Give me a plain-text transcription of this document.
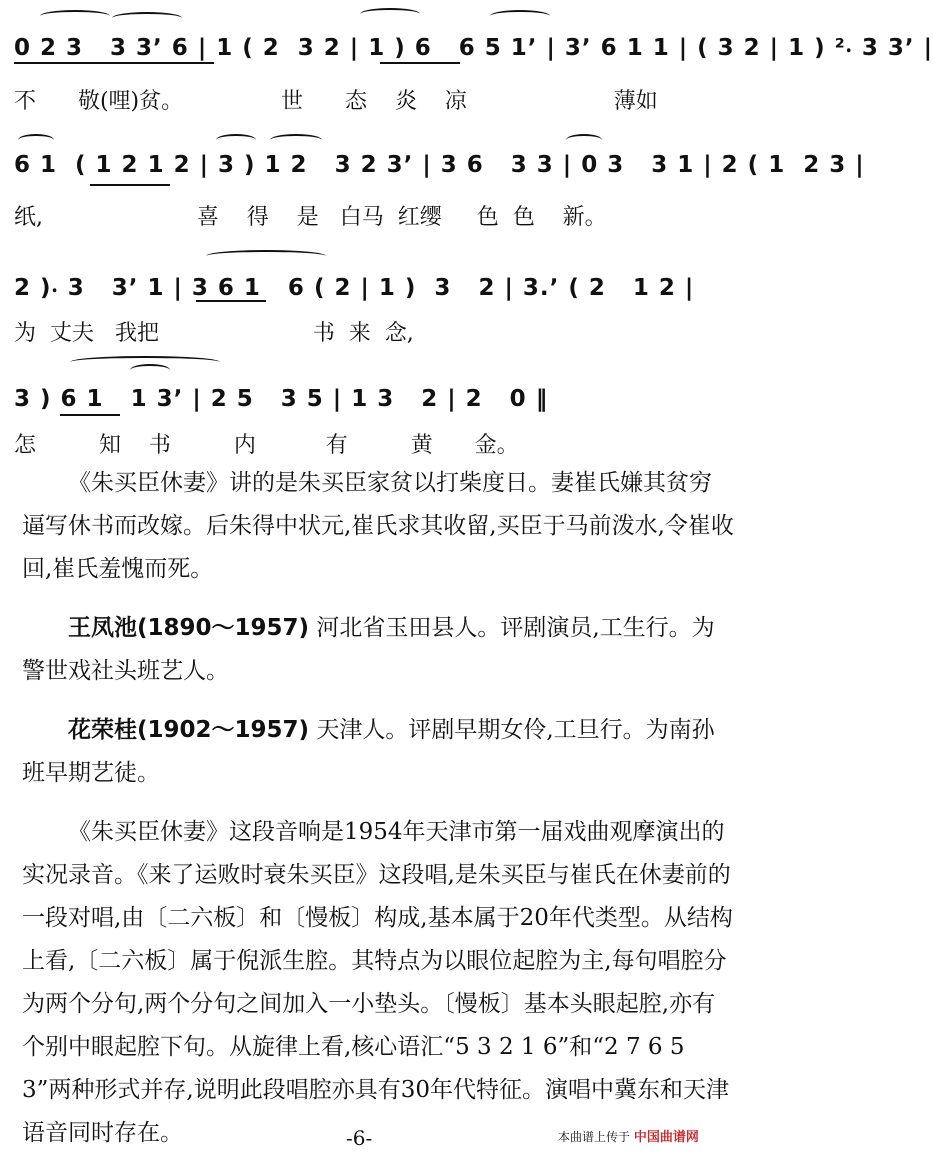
0 2 3   3 3ʼ 6 | 1 ( 2  3 2 | 1 ) 6   6 5 1ʼ | 3ʼ 6 1 1 | ( 3 2 | 1 ) ²⸳ 3 3ʼ |
不      敬(哩)贫。              世      态    炎    凉                     薄如
6 1  ( 1 2 1 2 | 3 ) 1 2   3 2 3ʼ | 3 6   3 3 | 0 3   3 1 | 2 ( 1  2 3 |
纸,                      喜    得    是   白马  红缨     色  色    新。
2 )⸳ 3   3ʼ 1 | 3 6 1   6 ( 2 | 1 )  3   2 | 3.ʼ ( 2   1 2 |
为  丈夫   我把                      书  来  念,
3 ) 6 1   1 3ʼ | 2 5   3 5 | 1 3   2 | 2   0 ‖
怎         知    书         内          有         黄      金。

《朱买臣休妻》讲的是朱买臣家贫以打柴度日。妻崔氏嫌其贫穷逼写休书而改嫁。后朱得中状元,崔氏求其收留,买臣于马前泼水,令崔收回,崔氏羞愧而死。

王凤池(1890～1957) 河北省玉田县人。评剧演员,工生行。为警世戏社头班艺人。

花荣桂(1902～1957) 天津人。评剧早期女伶,工旦行。为南孙班早期艺徒。

《朱买臣休妻》这段音响是1954年天津市第一届戏曲观摩演出的实况录音。《来了运败时衰朱买臣》这段唱,是朱买臣与崔氏在休妻前的一段对唱,由〔二六板〕和〔慢板〕构成,基本属于20年代类型。从结构上看,〔二六板〕属于倪派生腔。其特点为以眼位起腔为主,每句唱腔分为两个分句,两个分句之间加入一小垫头。〔慢板〕基本头眼起腔,亦有个别中眼起腔下句。从旋律上看,核心语汇“5 3 2 1 6”和“2 7 6 5 3”两种形式并存,说明此段唱腔亦具有30年代特征。演唱中冀东和天津语音同时存在。	-6-	本曲谱上传于 中国曲谱网
